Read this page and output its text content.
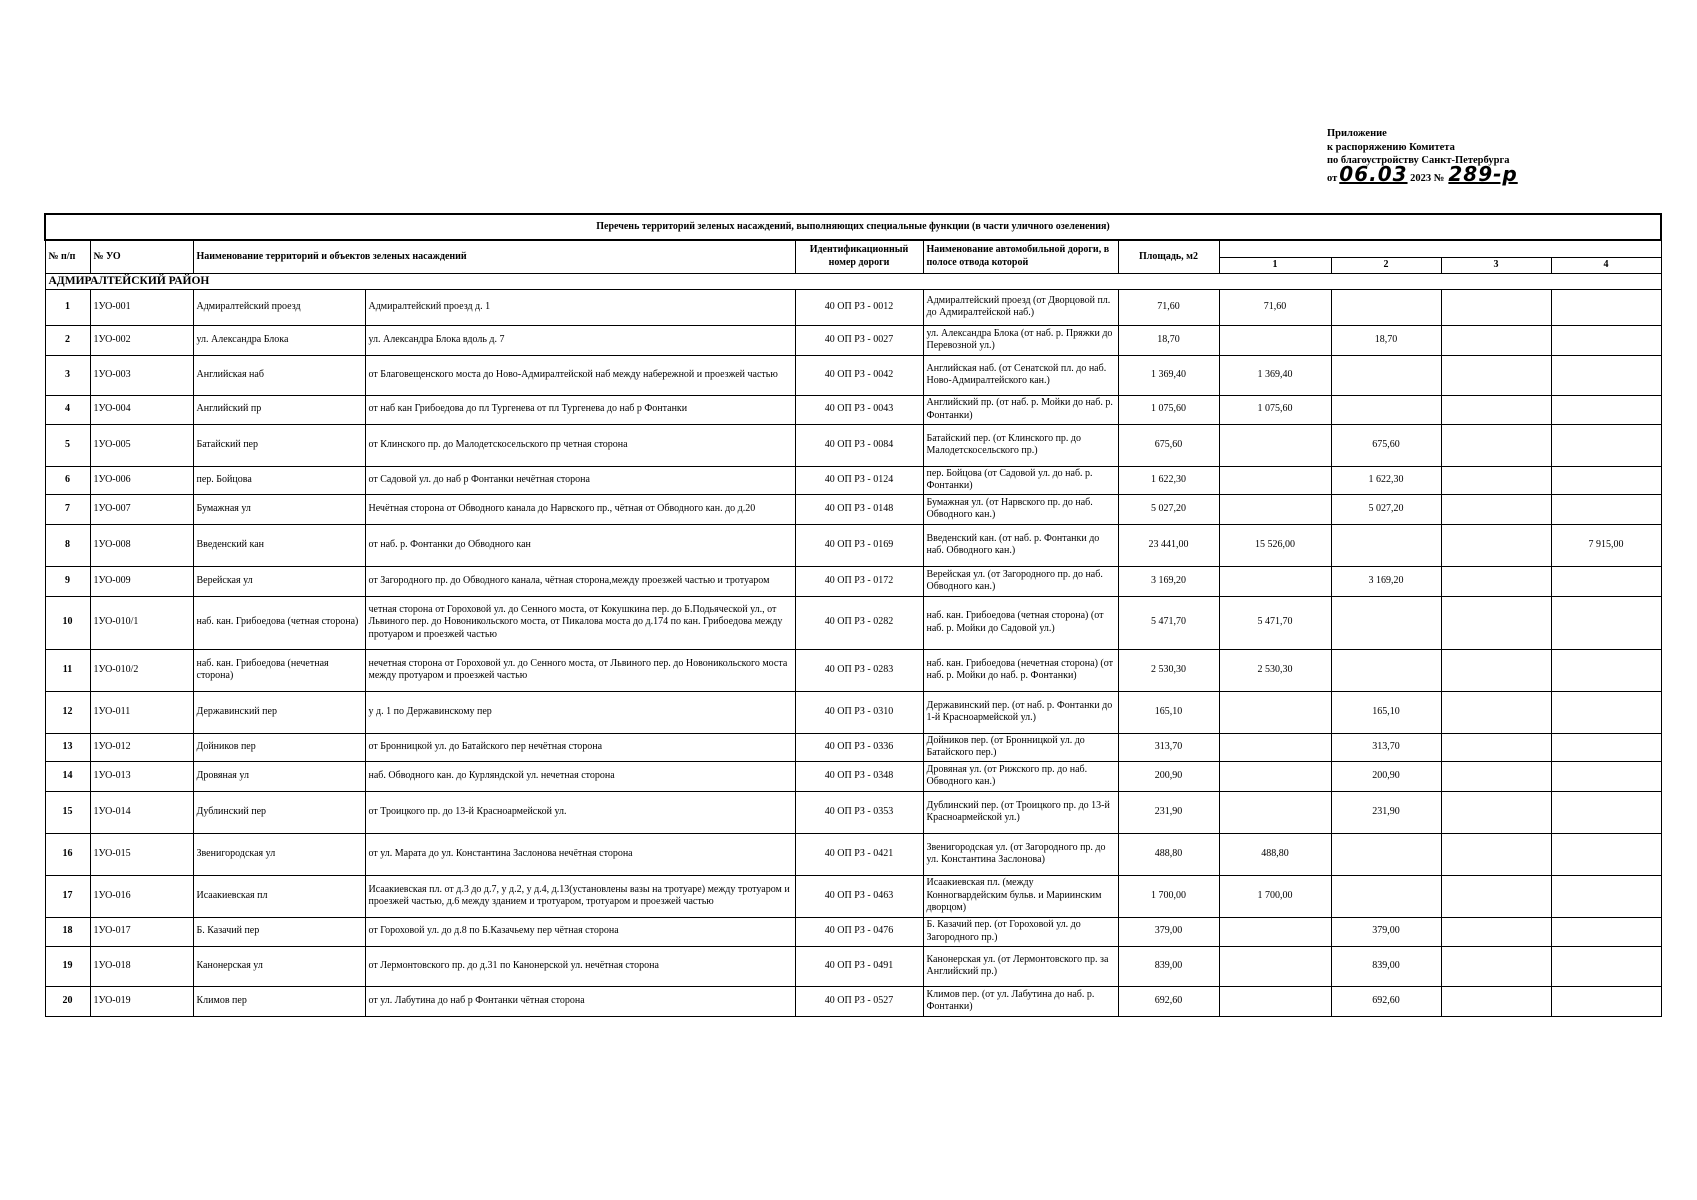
Приложение
к распоряжению Комитета
по благоустройству Санкт-Петербурга
от 06.03 2023 № 289-р
Перечень территорий зеленых насаждений, выполняющих специальные функции (в части уличного озеленения)										
№ п/п	№ УО	Наименование территорий и объектов зеленых насаждений		Идентификационный номер дороги	Наименование автомобильной дороги, в полосе отвода которой	Площадь, м2				
							1	2	3	4
АДМИРАЛТЕЙСКИЙ РАЙОН										
1	1УО-001	Адмиралтейский проезд	Адмиралтейский проезд д. 1	40 ОП РЗ - 0012	Адмиралтейский проезд (от Дворцовой пл. до Адмиралтейской наб.)	71,60	71,60			
2	1УО-002	ул. Александра Блока	ул. Александра Блока вдоль д. 7	40 ОП РЗ - 0027	ул. Александра Блока (от наб. р. Пряжки до Перевозной ул.)	18,70		18,70		
3	1УО-003	Английская наб	от Благовещенского моста до Ново-Адмиралтейской наб между набережной и проезжей частью	40 ОП РЗ - 0042	Английская наб. (от Сенатской пл. до наб. Ново-Адмиралтейского кан.)	1 369,40	1 369,40			
4	1УО-004	Английский пр	от наб кан Грибоедова до пл Тургенева от пл Тургенева до наб р Фонтанки	40 ОП РЗ - 0043	Английский пр. (от наб. р. Мойки до наб. р. Фонтанки)	1 075,60	1 075,60			
5	1УО-005	Батайский пер	от Клинского пр. до Малодетскосельского пр четная сторона	40 ОП РЗ - 0084	Батайский пер. (от Клинского пр. до Малодетскосельского пр.)	675,60		675,60		
6	1УО-006	пер. Бойцова	от Садовой ул. до наб р Фонтанки нечётная сторона	40 ОП РЗ - 0124	пер. Бойцова (от Садовой ул. до наб. р. Фонтанки)	1 622,30		1 622,30		
7	1УО-007	Бумажная ул	Нечётная сторона от Обводного канала до Нарвского пр., чётная от Обводного кан. до д.20	40 ОП РЗ - 0148	Бумажная ул. (от Нарвского пр. до наб. Обводного кан.)	5 027,20		5 027,20		
8	1УО-008	Введенский кан	от наб. р. Фонтанки до Обводного кан	40 ОП РЗ - 0169	Введенский кан. (от наб. р. Фонтанки до наб. Обводного кан.)	23 441,00	15 526,00			7 915,00
9	1УО-009	Верейская ул	от Загородного пр. до Обводного канала, чётная сторона,между проезжей частью и тротуаром	40 ОП РЗ - 0172	Верейская ул. (от Загородного пр. до наб. Обводного кан.)	3 169,20		3 169,20		
10	1УО-010/1	наб. кан. Грибоедова (четная сторона)	четная сторона от Гороховой ул. до Сенного моста, от Кокушкина пер. до Б.Подьяческой ул., от Львиного пер. до Новоникольского моста, от Пикалова моста до д.174 по кан. Грибоедова между протуаром и проезжей частью	40 ОП РЗ - 0282	наб. кан. Грибоедова (четная сторона) (от наб. р. Мойки до Садовой ул.)	5 471,70	5 471,70			
11	1УО-010/2	наб. кан. Грибоедова (нечетная сторона)	нечетная сторона от Гороховой ул. до Сенного моста, от Львиного пер. до Новоникольского моста между протуаром и проезжей частью	40 ОП РЗ - 0283	наб. кан. Грибоедова (нечетная сторона) (от наб. р. Мойки до наб. р. Фонтанки)	2 530,30	2 530,30			
12	1УО-011	Державинский пер	у д. 1 по Державинскому пер	40 ОП РЗ - 0310	Державинский пер. (от наб. р. Фонтанки до 1-й Красноармейской ул.)	165,10		165,10		
13	1УО-012	Дойников пер	от Бронницкой ул. до Батайского пер нечётная сторона	40 ОП РЗ - 0336	Дойников пер. (от Бронницкой ул. до Батайского пер.)	313,70		313,70		
14	1УО-013	Дровяная ул	наб. Обводного кан. до Курляндской ул. нечетная сторона	40 ОП РЗ - 0348	Дровяная ул. (от Рижского пр. до наб. Обводного кан.)	200,90		200,90		
15	1УО-014	Дублинский пер	от Троицкого пр. до 13-й Красноармейской ул.	40 ОП РЗ - 0353	Дублинский пер. (от Троицкого пр. до 13-й Красноармейской ул.)	231,90		231,90		
16	1УО-015	Звенигородская ул	от ул. Марата до ул. Константина Заслонова нечётная сторона	40 ОП РЗ - 0421	Звенигородская ул. (от Загородного пр. до ул. Константина Заслонова)	488,80	488,80			
17	1УО-016	Исаакиевская пл	Исаакиевская пл. от д.3 до д.7, у д.2, у д.4, д.13(установлены вазы на тротуаре) между тротуаром и проезжей частью, д.6 между зданием и тротуаром, тротуаром и проезжей частью	40 ОП РЗ - 0463	Исаакиевская пл. (между Конногвардейским бульв. и Мариинским дворцом)	1 700,00	1 700,00			
18	1УО-017	Б. Казачий пер	от Гороховой ул. до д.8 по Б.Казачьему пер чётная сторона	40 ОП РЗ - 0476	Б. Казачий пер. (от Гороховой ул. до Загородного пр.)	379,00		379,00		
19	1УО-018	Канонерская ул	от Лермонтовского пр. до д.31 по Канонерской ул. нечётная сторона	40 ОП РЗ - 0491	Канонерская ул. (от Лермонтовского пр. за Английский пр.)	839,00		839,00		
20	1УО-019	Климов пер	от ул. Лабутина до наб р Фонтанки чётная сторона	40 ОП РЗ - 0527	Климов пер. (от ул. Лабутина до наб. р. Фонтанки)	692,60		692,60		
